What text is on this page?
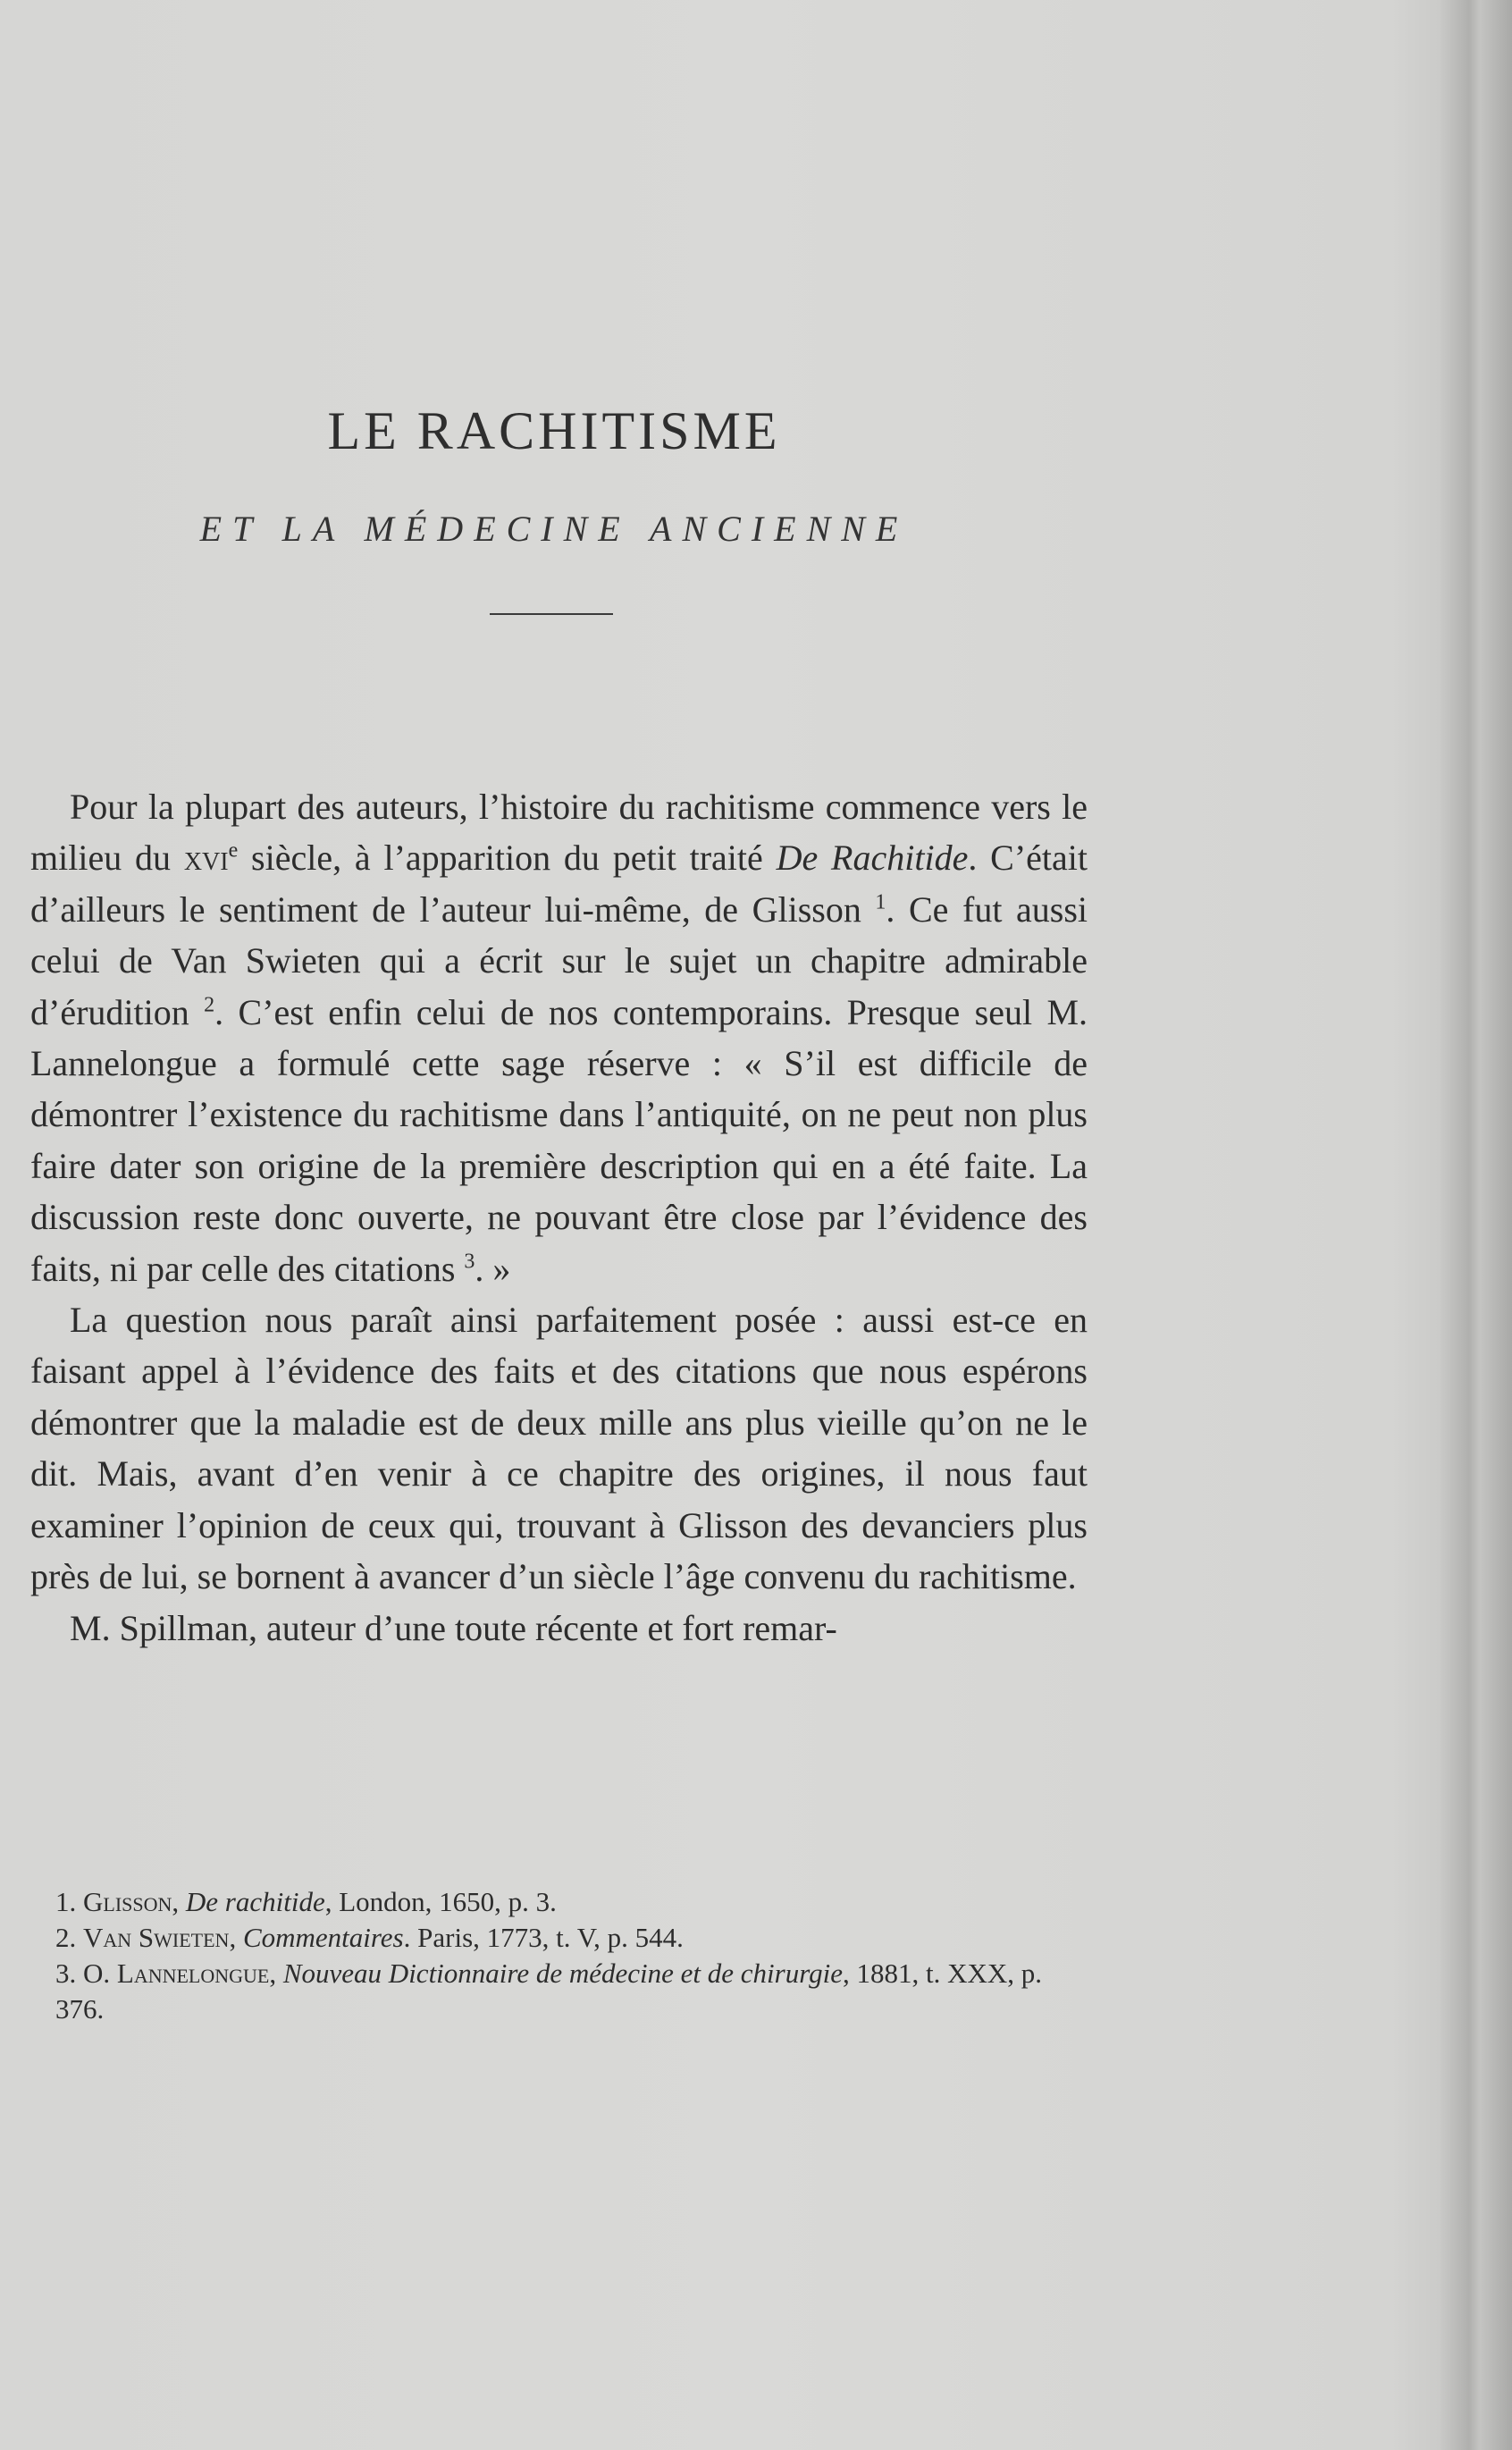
LE RACHITISME
ET LA MÉDECINE ANCIENNE

Pour la plupart des auteurs, l’histoire du rachitisme commence vers le milieu du xvi$^e$ siècle, à l’apparition du petit traité De Rachitide. C’était d’ailleurs le sentiment de l’auteur lui-même, de Glisson $^1$. Ce fut aussi celui de Van Swieten qui a écrit sur le sujet un chapitre admirable d’érudition $^2$. C’est enfin celui de nos contemporains. Presque seul M. Lannelongue a formulé cette sage réserve : « S’il est difficile de démontrer l’existence du rachitisme dans l’antiquité, on ne peut non plus faire dater son origine de la première description qui en a été faite. La discussion reste donc ouverte, ne pouvant être close par l’évidence des faits, ni par celle des citations $^3$. »

La question nous paraît ainsi parfaitement posée : aussi est-ce en faisant appel à l’évidence des faits et des citations que nous espérons démontrer que la maladie est de deux mille ans plus vieille qu’on ne le dit. Mais, avant d’en venir à ce chapitre des origines, il nous faut examiner l’opinion de ceux qui, trouvant à Glisson des devanciers plus près de lui, se bornent à avancer d’un siècle l’âge convenu du rachitisme.

M. Spillman, auteur d’une toute récente et fort remar-

1. Glisson, De rachitide, London, 1650, p. 3.

2. Van Swieten, Commentaires. Paris, 1773, t. V, p. 544.

3. O. Lannelongue, Nouveau Dictionnaire de médecine et de chirurgie, 1881, t. XXX, p. 376.
